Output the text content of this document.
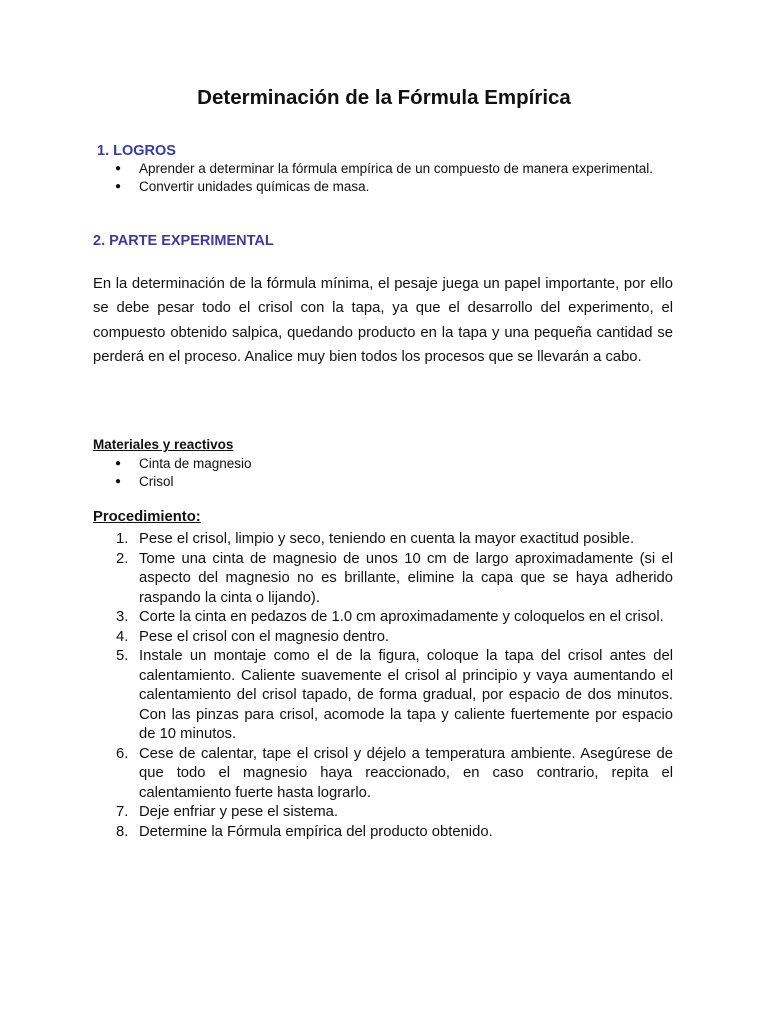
Determinación de la Fórmula Empírica
1. LOGROS
● Aprender a determinar la fórmula empírica de un compuesto de manera experimental.
● Convertir unidades químicas de masa.
2. PARTE EXPERIMENTAL

En la determinación de la fórmula mínima, el pesaje juega un papel importante, por ello se debe pesar todo el crisol con la tapa, ya que el desarrollo del experimento, el compuesto obtenido salpica, quedando producto en la tapa y una pequeña cantidad se perderá en el proceso. Analice muy bien todos los procesos que se llevarán a cabo.

Materiales y reactivos
● Cinta de magnesio
● Crisol
Procedimiento:
1. Pese el crisol, limpio y seco, teniendo en cuenta la mayor exactitud posible.
2. Tome una cinta de magnesio de unos 10 cm de largo aproximadamente (si el aspecto del magnesio no es brillante, elimine la capa que se haya adherido raspando la cinta o lijando).
3. Corte la cinta en pedazos de 1.0 cm aproximadamente y coloquelos en el crisol.
4. Pese el crisol con el magnesio dentro.
5. Instale un montaje como el de la figura, coloque la tapa del crisol antes del calentamiento. Caliente suavemente el crisol al principio y vaya aumentando el calentamiento del crisol tapado, de forma gradual, por espacio de dos minutos. Con las pinzas para crisol, acomode la tapa y caliente fuertemente por espacio de 10 minutos.
6. Cese de calentar, tape el crisol y déjelo a temperatura ambiente. Asegúrese de que todo el magnesio haya reaccionado, en caso contrario, repita el calentamiento fuerte hasta lograrlo.
7. Deje enfriar y pese el sistema.
8. Determine la Fórmula empírica del producto obtenido.
